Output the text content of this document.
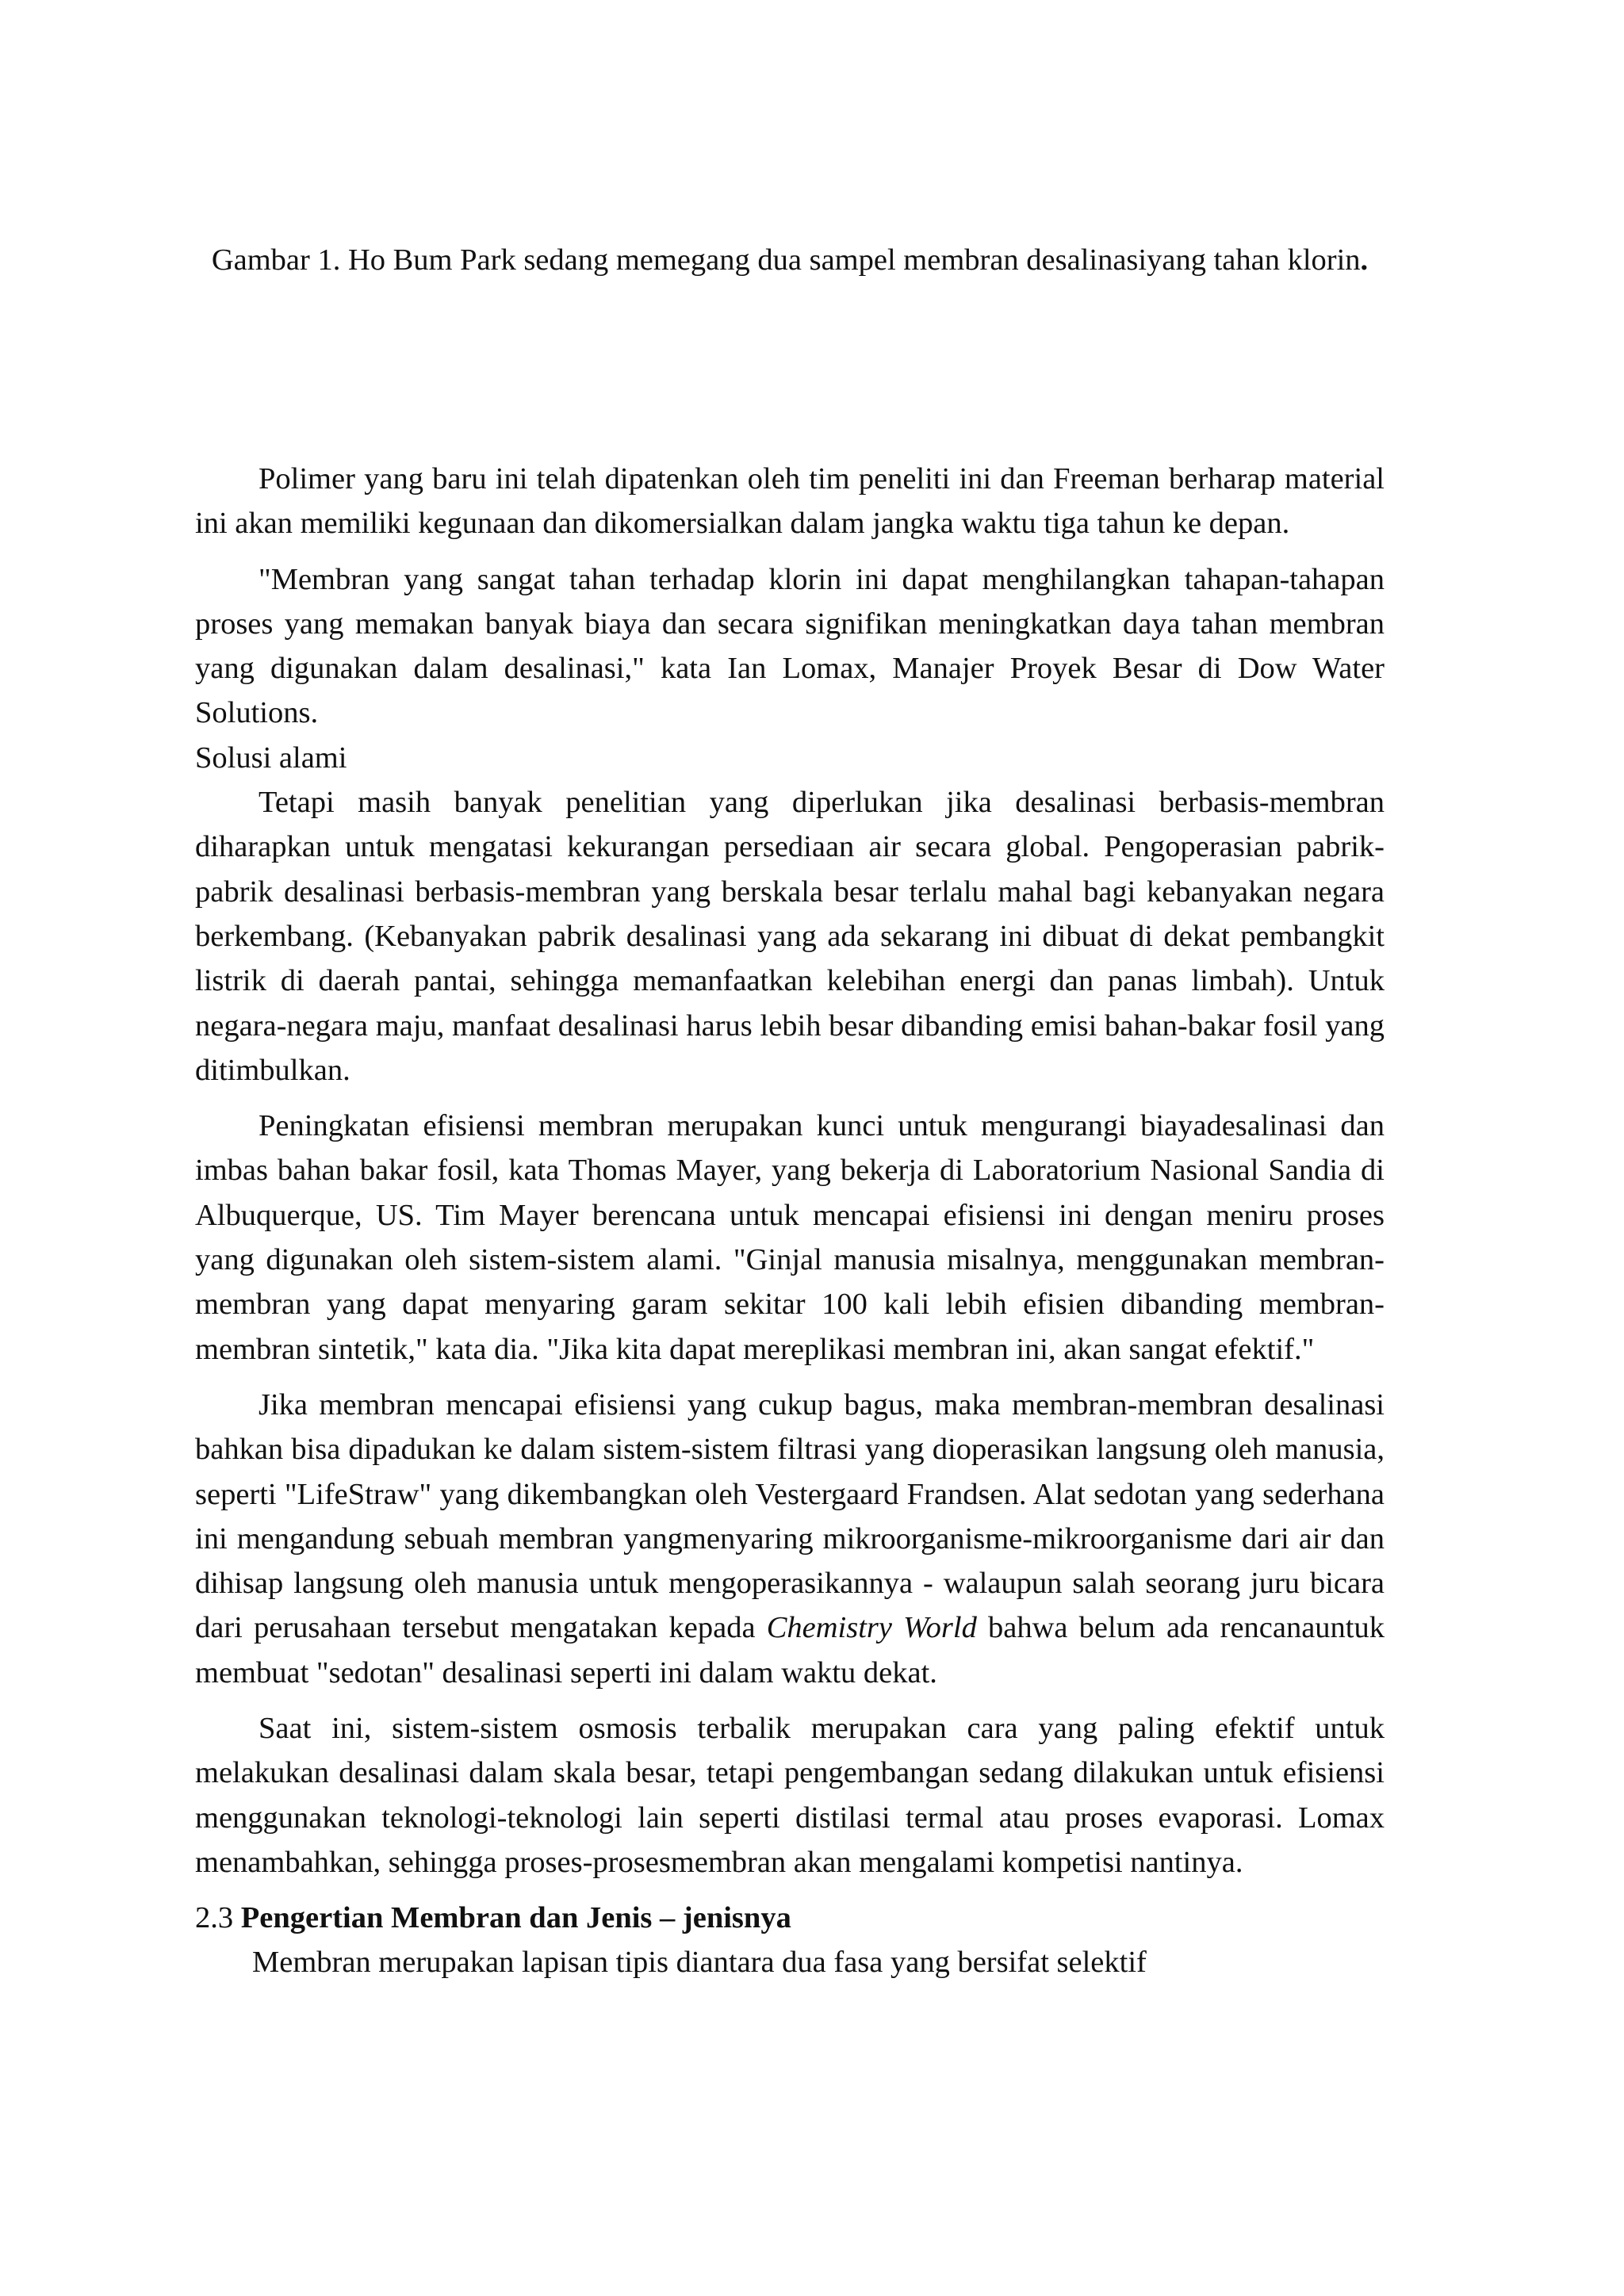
Gambar 1. Ho Bum Park sedang memegang dua sampel membran desalinasiyang tahan klorin.

Polimer yang baru ini telah dipatenkan oleh tim peneliti ini dan Freeman berharap material ini akan memiliki kegunaan dan dikomersialkan dalam jangka waktu tiga tahun ke depan.

"Membran yang sangat tahan terhadap klorin ini dapat menghilangkan tahapan-tahapan proses yang memakan banyak biaya dan secara signifikan meningkatkan daya tahan membran yang digunakan dalam desalinasi," kata Ian Lomax, Manajer Proyek Besar di Dow Water Solutions.

Solusi alami

Tetapi masih banyak penelitian yang diperlukan jika desalinasi berbasis-membran diharapkan untuk mengatasi kekurangan persediaan air secara global. Pengoperasian pabrik-pabrik desalinasi berbasis-membran yang berskala besar terlalu mahal bagi kebanyakan negara berkembang. (Kebanyakan pabrik desalinasi yang ada sekarang ini dibuat di dekat pembangkit listrik di daerah pantai, sehingga memanfaatkan kelebihan energi dan panas limbah). Untuk negara-negara maju, manfaat desalinasi harus lebih besar dibanding emisi bahan-bakar fosil yang ditimbulkan.

Peningkatan efisiensi membran merupakan kunci untuk mengurangi biayadesalinasi dan imbas bahan bakar fosil, kata Thomas Mayer, yang bekerja di Laboratorium Nasional Sandia di Albuquerque, US. Tim Mayer berencana untuk mencapai efisiensi ini dengan meniru proses yang digunakan oleh sistem-sistem alami. "Ginjal manusia misalnya, menggunakan membran-membran yang dapat menyaring garam sekitar 100 kali lebih efisien dibanding membran-membran sintetik," kata dia. "Jika kita dapat mereplikasi membran ini, akan sangat efektif."

Jika membran mencapai efisiensi yang cukup bagus, maka membran-membran desalinasi bahkan bisa dipadukan ke dalam sistem-sistem filtrasi yang dioperasikan langsung oleh manusia, seperti "LifeStraw" yang dikembangkan oleh Vestergaard Frandsen. Alat sedotan yang sederhana ini mengandung sebuah membran yangmenyaring mikroorganisme-mikroorganisme dari air dan dihisap langsung oleh manusia untuk mengoperasikannya - walaupun salah seorang juru bicara dari perusahaan tersebut mengatakan kepada Chemistry World bahwa belum ada rencanauntuk membuat "sedotan" desalinasi seperti ini dalam waktu dekat.

Saat ini, sistem-sistem osmosis terbalik merupakan cara yang paling efektif untuk melakukan desalinasi dalam skala besar, tetapi pengembangan sedang dilakukan untuk efisiensi menggunakan teknologi-teknologi lain seperti distilasi termal atau proses evaporasi. Lomax menambahkan, sehingga proses-prosesmembran akan mengalami kompetisi nantinya.

2.3 Pengertian Membran dan Jenis – jenisnya

Membran merupakan lapisan tipis diantara dua fasa yang bersifat selektif
